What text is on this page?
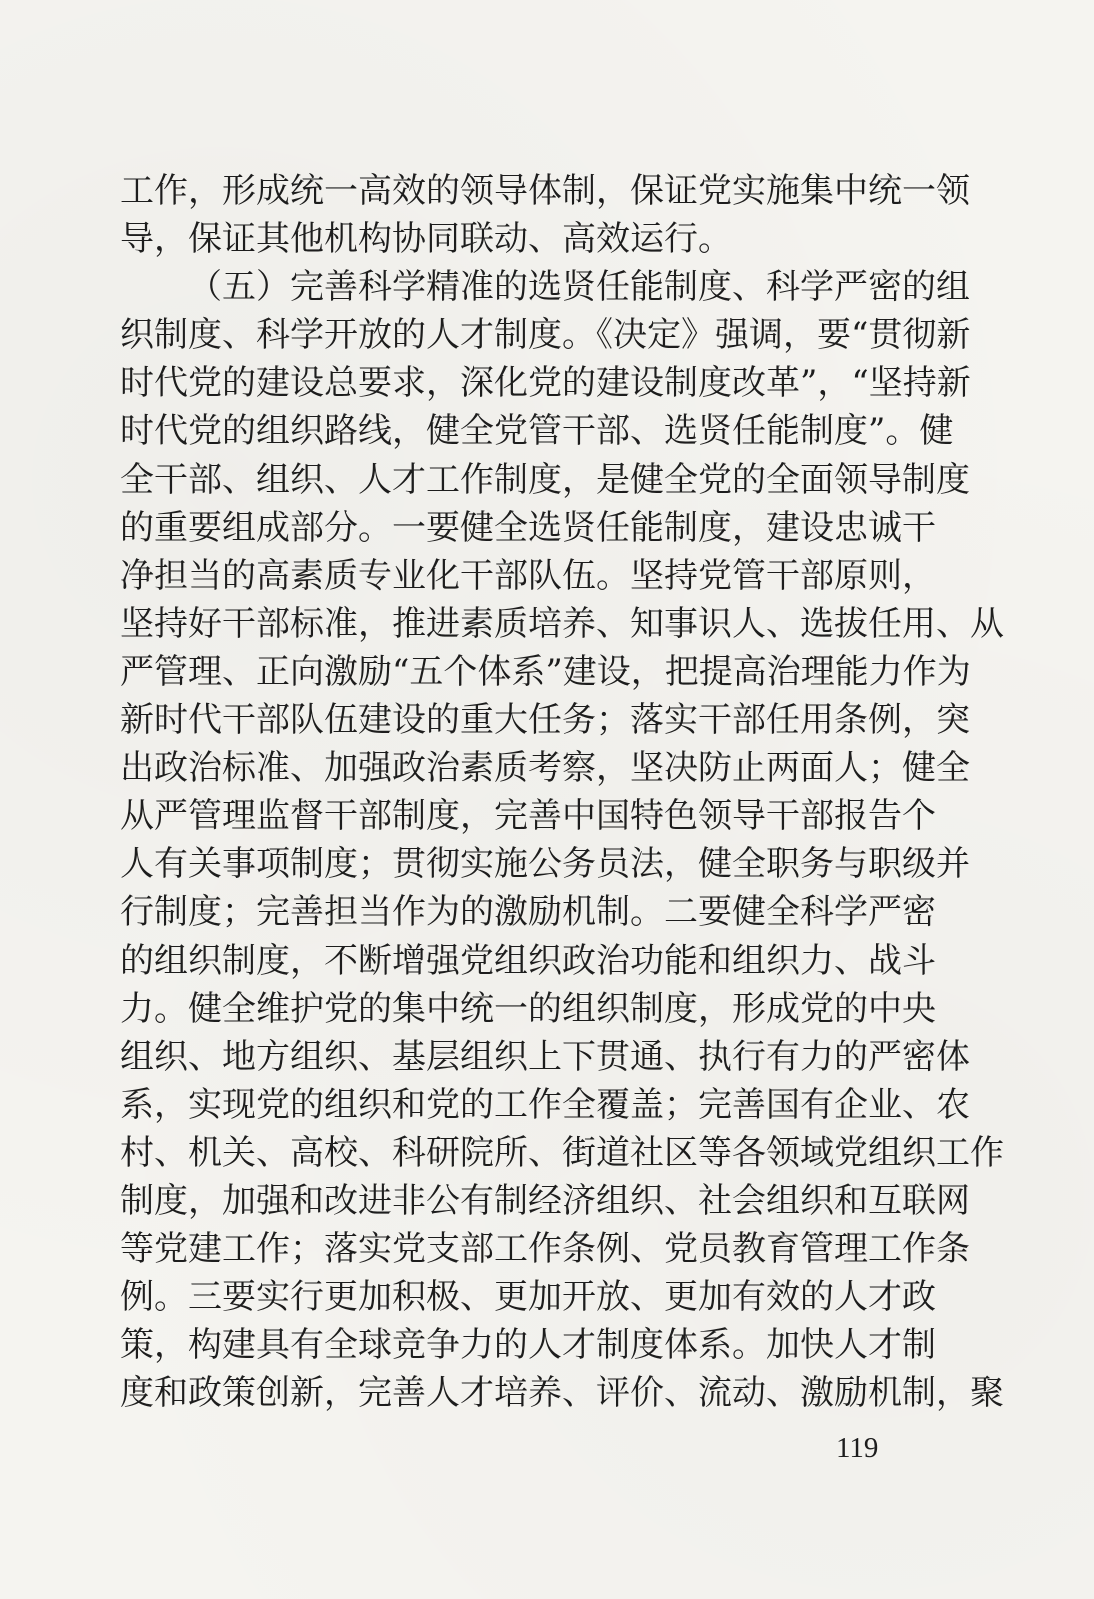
工作，形成统一高效的领导体制，保证党实施集中统一领
导，保证其他机构协同联动、高效运行。
（五）完善科学精准的选贤任能制度、科学严密的组
织制度、科学开放的人才制度。《决定》强调，要“贯彻新
时代党的建设总要求，深化党的建设制度改革”，“坚持新
时代党的组织路线，健全党管干部、选贤任能制度”。健
全干部、组织、人才工作制度，是健全党的全面领导制度
的重要组成部分。一要健全选贤任能制度，建设忠诚干
净担当的高素质专业化干部队伍。坚持党管干部原则，
坚持好干部标准，推进素质培养、知事识人、选拔任用、从
严管理、正向激励“五个体系”建设，把提高治理能力作为
新时代干部队伍建设的重大任务；落实干部任用条例，突
出政治标准、加强政治素质考察，坚决防止两面人；健全
从严管理监督干部制度，完善中国特色领导干部报告个
人有关事项制度；贯彻实施公务员法，健全职务与职级并
行制度；完善担当作为的激励机制。二要健全科学严密
的组织制度，不断增强党组织政治功能和组织力、战斗
力。健全维护党的集中统一的组织制度，形成党的中央
组织、地方组织、基层组织上下贯通、执行有力的严密体
系，实现党的组织和党的工作全覆盖；完善国有企业、农
村、机关、高校、科研院所、街道社区等各领域党组织工作
制度，加强和改进非公有制经济组织、社会组织和互联网
等党建工作；落实党支部工作条例、党员教育管理工作条
例。三要实行更加积极、更加开放、更加有效的人才政
策，构建具有全球竞争力的人才制度体系。加快人才制
度和政策创新，完善人才培养、评价、流动、激励机制，聚
119
